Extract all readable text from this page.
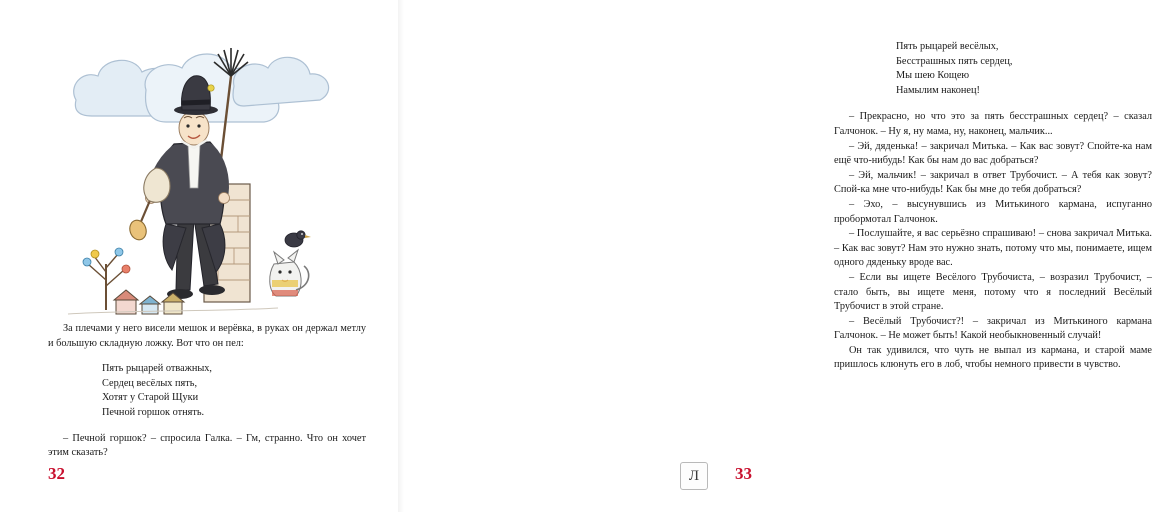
За плечами у него висели мешок и верёвка, в руках он держал метлу и большую складную ложку. Вот что он пел:

Пять рыцарей отважных,
Сердец весёлых пять,
Хотят у Старой Щуки
Печной горшок отнять.

– Печной горшок? – спросила Галка. – Гм, странно. Что он хочет этим сказать?

32
Пять рыцарей весёлых,
Бесстрашных пять сердец,
Мы шею Кощею
Намылим наконец!

– Прекрасно, но что это за пять бесстрашных сердец? – сказал Галчонок. – Ну я, ну мама, ну, наконец, мальчик...

– Эй, дяденька! – закричал Митька. – Как вас зовут? Спойте-ка нам ещё что-нибудь! Как бы нам до вас добраться?

– Эй, мальчик! – закричал в ответ Трубочист. – А тебя как зовут? Спой-ка мне что-нибудь! Как бы мне до тебя добраться?

– Эхо, – высунувшись из Митькиного кармана, испуганно пробормотал Галчонок.

– Послушайте, я вас серьёзно спрашиваю! – снова закричал Митька. – Как вас зовут? Нам это нужно знать, потому что мы, понимаете, ищем одного дяденьку вроде вас.

– Если вы ищете Весёлого Трубочиста, – возразил Трубочист, – стало быть, вы ищете меня, потому что я последний Весёлый Трубочист в этой стране.

– Весёлый Трубочист?! – закричал из Митькиного кармана Галчонок. – Не может быть! Какой необыкновенный случай!

Он так удивился, что чуть не выпал из кармана, и старой маме пришлось клюнуть его в лоб, чтобы немного привести в чувство.

Л	33
